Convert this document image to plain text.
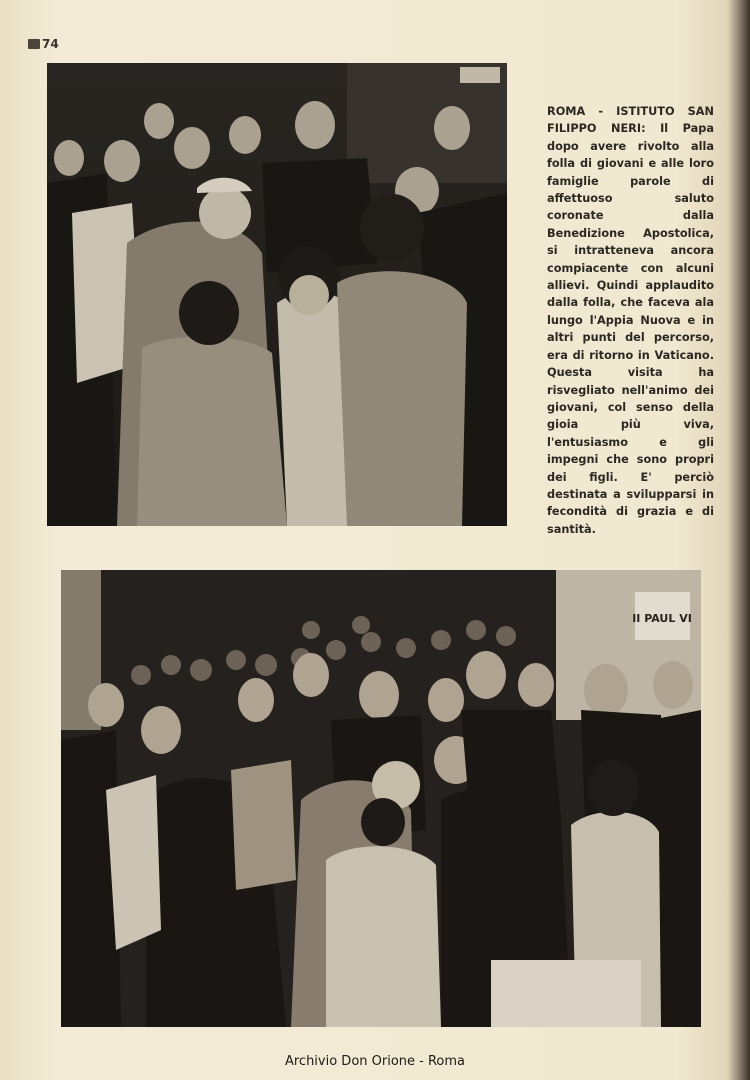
74
ROMA - ISTITUTO SAN FILIPPO NERI: Il Papa dopo avere rivolto alla folla di giovani e alle loro famiglie parole di affettuoso saluto coronate dalla Benedizione Apostolica, si intratteneva ancora compiacente con alcuni allievi. Quindi applaudito dalla folla, che faceva ala lungo l'Appia Nuova e in altri punti del percorso, era di ritorno in Vaticano. Questa visita ha risvegliato nell'animo dei giovani, col senso della gioia più viva, l'entusiasmo e gli impegni che sono propri dei figli. E' perciò destinata a svilupparsi in fecondità di grazia e di santità.
II PAUL VI
Archivio Don Orione - Roma
